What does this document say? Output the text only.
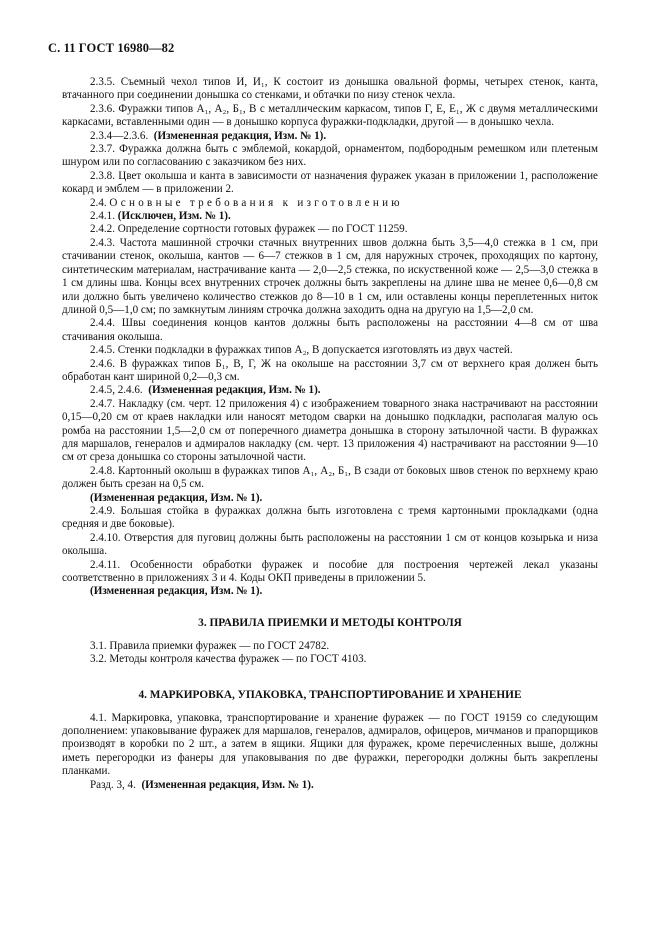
С. 11 ГОСТ 16980—82

2.3.5. Съемный чехол типов И, И₁, К состоит из донышка овальной формы, четырех стенок, канта, втачанного при соединении донышка со стенками, и обтачки по низу стенок чехла.

2.3.6. Фуражки типов А₁, А₂, Б₁, В с металлическим каркасом, типов Г, Е, Е₁, Ж с двумя металлическими каркасами, вставленными один — в донышко корпуса фуражки-подкладки, другой — в донышко чехла.

2.3.4—2.3.6. (Измененная редакция, Изм. № 1).

2.3.7. Фуражка должна быть с эмблемой, кокардой, орнаментом, подбородным ремешком или плетеным шнуром или по согласованию с заказчиком без них.

2.3.8. Цвет околыша и канта в зависимости от назначения фуражек указан в приложении 1, расположение кокард и эмблем — в приложении 2.

2.4. Основные требования к изготовлению

2.4.1. (Исключен, Изм. № 1).

2.4.2. Определение сортности готовых фуражек — по ГОСТ 11259.

2.4.3. Частота машинной строчки стачных внутренних швов должна быть 3,5—4,0 стежка в 1 см, при стачивании стенок, околыша, кантов — 6—7 стежков в 1 см, для наружных строчек, проходящих по картону, синтетическим материалам, настрачивание канта — 2,0—2,5 стежка, по искуственной коже — 2,5—3,0 стежка в 1 см длины шва. Концы всех внутренних строчек должны быть закреплены на длине шва не менее 0,6—0,8 см или должно быть увеличено количество стежков до 8—10 в 1 см, или оставлены концы переплетенных ниток длиной 0,5—1,0 см; по замкнутым линиям строчка должна заходить одна на другую на 1,5—2,0 см.

2.4.4. Швы соединения концов кантов должны быть расположены на расстоянии 4—8 см от шва стачивания околыша.

2.4.5. Стенки подкладки в фуражках типов А₂, В допускается изготовлять из двух частей.

2.4.6. В фуражках типов Б₁, В, Г, Ж на околыше на расстоянии 3,7 см от верхнего края должен быть обработан кант шириной 0,2—0,3 см.

2.4.5, 2.4.6. (Измененная редакция, Изм. № 1).

2.4.7. Накладку (см. черт. 12 приложения 4) с изображением товарного знака настрачивают на расстоянии 0,15—0,20 см от краев накладки или наносят методом сварки на донышко подкладки, располагая малую ось ромба на расстоянии 1,5—2,0 см от поперечного диаметра донышка в сторону затылочной части. В фуражках для маршалов, генералов и адмиралов накладку (см. черт. 13 приложения 4) настрачивают на расстоянии 9—10 см от среза донышка со стороны затылочной части.

2.4.8. Картонный околыш в фуражках типов А₁, А₂, Б₁, В сзади от боковых швов стенок по верхнему краю должен быть срезан на 0,5 см.

(Измененная редакция, Изм. № 1).

2.4.9. Большая стойка в фуражках должна быть изготовлена с тремя картонными прокладками (одна средняя и две боковые).

2.4.10. Отверстия для пуговиц должны быть расположены на расстоянии 1 см от концов козырька и низа околыша.

2.4.11. Особенности обработки фуражек и пособие для построения чертежей лекал указаны соответственно в приложениях 3 и 4. Коды ОКП приведены в приложении 5.

(Измененная редакция, Изм. № 1).

3. ПРАВИЛА ПРИЕМКИ И МЕТОДЫ КОНТРОЛЯ

3.1. Правила приемки фуражек — по ГОСТ 24782.

3.2. Методы контроля качества фуражек — по ГОСТ 4103.

4. МАРКИРОВКА, УПАКОВКА, ТРАНСПОРТИРОВАНИЕ И ХРАНЕНИЕ

4.1. Маркировка, упаковка, транспортирование и хранение фуражек — по ГОСТ 19159 со следующим дополнением: упаковывание фуражек для маршалов, генералов, адмиралов, офицеров, мичманов и прапорщиков производят в коробки по 2 шт., а затем в ящики. Ящики для фуражек, кроме перечисленных выше, должны иметь перегородки из фанеры для упаковывания по две фуражки, перегородки должны быть закреплены планками.

Разд. 3, 4. (Измененная редакция, Изм. № 1).
